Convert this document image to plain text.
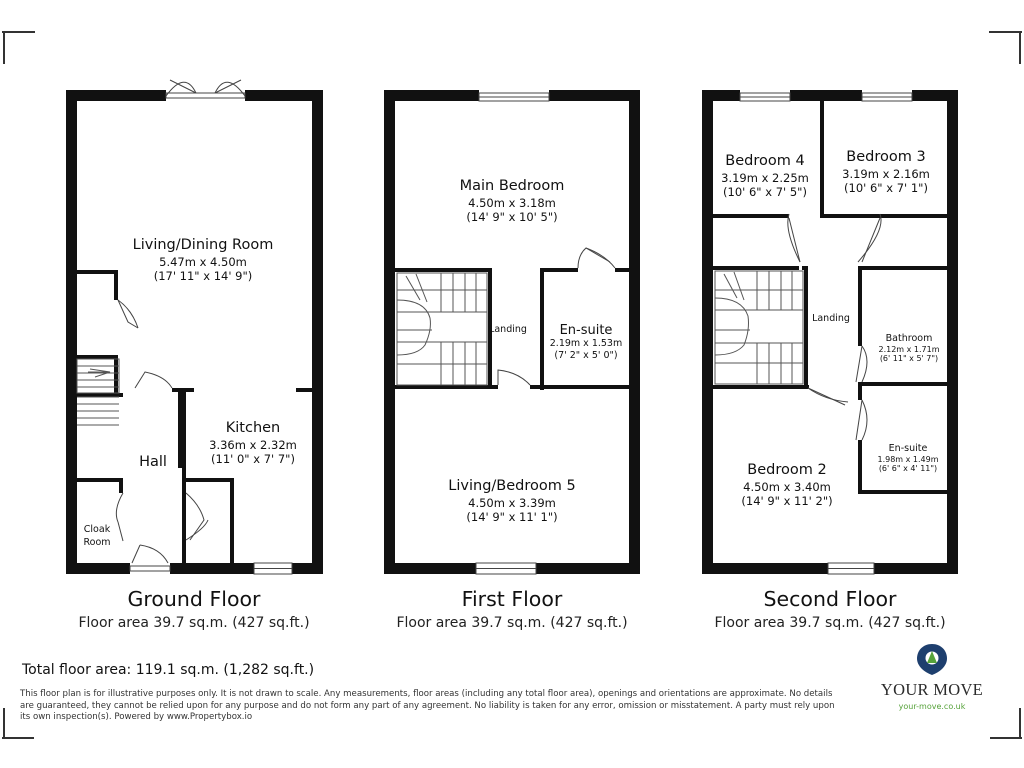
Living/Dining Room
5.47m x 4.50m
(17' 11" x 14' 9")
Kitchen
3.36m x 2.32m
(11' 0" x 7' 7")
Hall
Cloak
Room
Main Bedroom
4.50m x 3.18m
(14' 9" x 10' 5")
Landing	En-suite
2.19m x 1.53m
(7' 2" x 5' 0")
Living/Bedroom 5
4.50m x 3.39m
(14' 9" x 11' 1")
Bedroom 4
3.19m x 2.25m
(10' 6" x 7' 5")
Bedroom 3
3.19m x 2.16m
(10' 6" x 7' 1")
Landing
Bathroom
2.12m x 1.71m
(6' 11" x 5' 7")
En-suite
1.98m x 1.49m
(6' 6" x 4' 11")
Bedroom 2
4.50m x 3.40m
(14' 9" x 11' 2")
Ground Floor
Floor area 39.7 sq.m. (427 sq.ft.)
First Floor
Floor area 39.7 sq.m. (427 sq.ft.)
Second Floor
Floor area 39.7 sq.m. (427 sq.ft.)
Total floor area: 119.1 sq.m. (1,282 sq.ft.)
This floor plan is for illustrative purposes only. It is not drawn to scale. Any measurements, floor areas (including any total floor area), openings and orientations are approximate. No details are guaranteed, they cannot be relied upon for any purpose and do not form any part of any agreement. No liability is taken for any error, omission or misstatement. A party must rely upon its own inspection(s). Powered by www.Propertybox.io
YOUR MOVE
your-move.co.uk
